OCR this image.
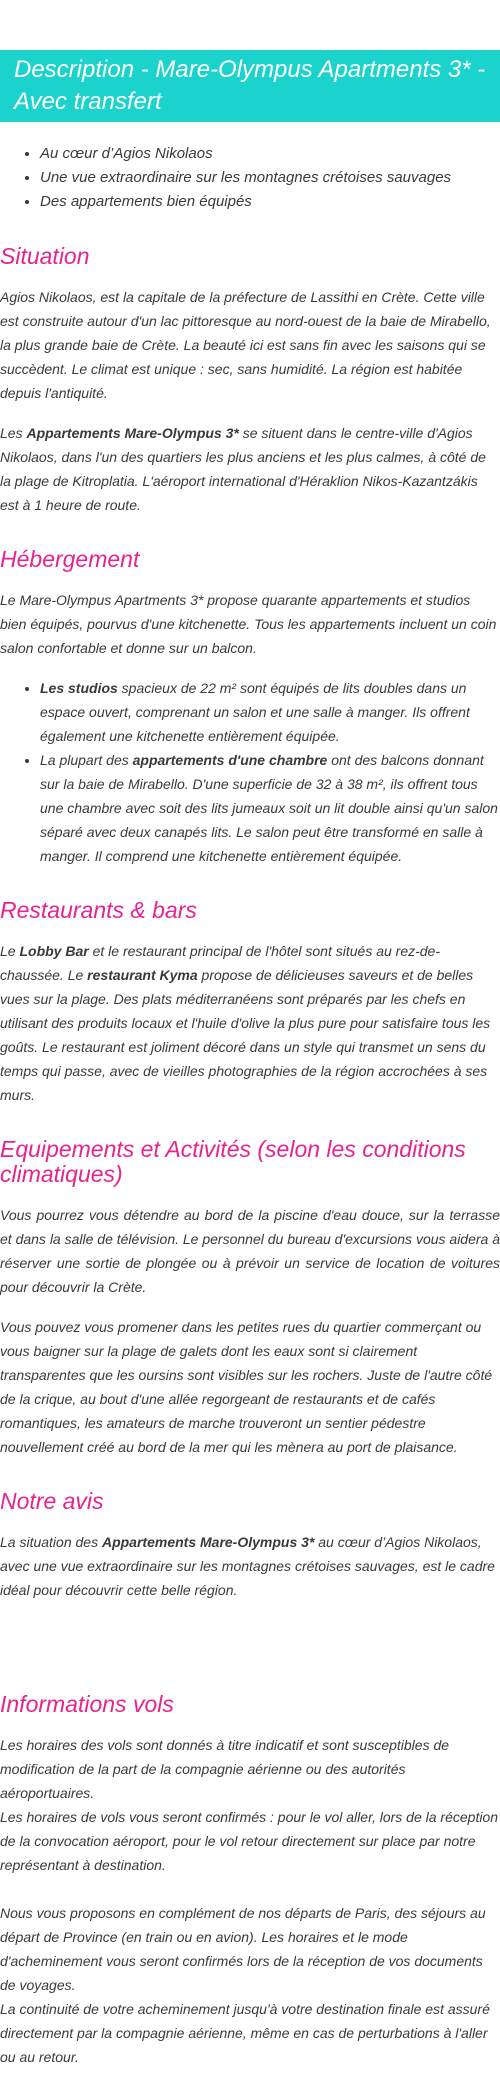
Description - Mare-Olympus Apartments 3* - Avec transfert
• Au cœur d’Agios Nikolaos
• Une vue extraordinaire sur les montagnes crétoises sauvages
• Des appartements bien équipés
Situation

Agios Nikolaos, est la capitale de la préfecture de Lassithi en Crète. Cette ville est construite autour d'un lac pittoresque au nord-ouest de la baie de Mirabello, la plus grande baie de Crète. La beauté ici est sans fin avec les saisons qui se succèdent. Le climat est unique : sec, sans humidité. La région est habitée depuis l'antiquité.

Les Appartements Mare-Olympus 3* se situent dans le centre-ville d'Agios Nikolaos, dans l'un des quartiers les plus anciens et les plus calmes, à côté de la plage de Kitroplatia. L'aéroport international d'Héraklion Nikos-Kazantzákis est à 1 heure de route.

Hébergement

Le Mare-Olympus Apartments 3* propose quarante appartements et studios bien équipés, pourvus d'une kitchenette. Tous les appartements incluent un coin salon confortable et donne sur un balcon.

• Les studios spacieux de 22 m² sont équipés de lits doubles dans un espace ouvert, comprenant un salon et une salle à manger. Ils offrent également une kitchenette entièrement équipée.
• La plupart des appartements d'une chambre ont des balcons donnant sur la baie de Mirabello. D'une superficie de 32 à 38 m², ils offrent tous une chambre avec soit des lits jumeaux soit un lit double ainsi qu'un salon séparé avec deux canapés lits. Le salon peut être transformé en salle à manger. Il comprend une kitchenette entièrement équipée.
Restaurants & bars

Le Lobby Bar et le restaurant principal de l'hôtel sont situés au rez-de-chaussée. Le restaurant Kyma propose de délicieuses saveurs et de belles vues sur la plage. Des plats méditerranéens sont préparés par les chefs en utilisant des produits locaux et l'huile d'olive la plus pure pour satisfaire tous les goûts. Le restaurant est joliment décoré dans un style qui transmet un sens du temps qui passe, avec de vieilles photographies de la région accrochées à ses murs.

Equipements et Activités (selon les conditions climatiques)

Vous pourrez vous détendre au bord de la piscine d'eau douce, sur la terrasse et dans la salle de télévision. Le personnel du bureau d'excursions vous aidera à réserver une sortie de plongée ou à prévoir un service de location de voitures pour découvrir la Crète.

Vous pouvez vous promener dans les petites rues du quartier commerçant ou vous baigner sur la plage de galets dont les eaux sont si clairement transparentes que les oursins sont visibles sur les rochers. Juste de l'autre côté de la crique, au bout d'une allée regorgeant de restaurants et de cafés romantiques, les amateurs de marche trouveront un sentier pédestre nouvellement créé au bord de la mer qui les mènera au port de plaisance.

Notre avis

La situation des Appartements Mare-Olympus 3* au cœur d’Agios Nikolaos, avec une vue extraordinaire sur les montagnes crétoises sauvages, est le cadre idéal pour découvrir cette belle région.

Informations vols

Les horaires des vols sont donnés à titre indicatif et sont susceptibles de modification de la part de la compagnie aérienne ou des autorités aéroportuaires.
Les horaires de vols vous seront confirmés : pour le vol aller, lors de la réception de la convocation aéroport, pour le vol retour directement sur place par notre représentant à destination.

Nous vous proposons en complément de nos départs de Paris, des séjours au départ de Province (en train ou en avion). Les horaires et le mode d'acheminement vous seront confirmés lors de la réception de vos documents de voyages.
La continuité de votre acheminement jusqu'à votre destination finale est assuré directement par la compagnie aérienne, même en cas de perturbations à l'aller ou au retour.
